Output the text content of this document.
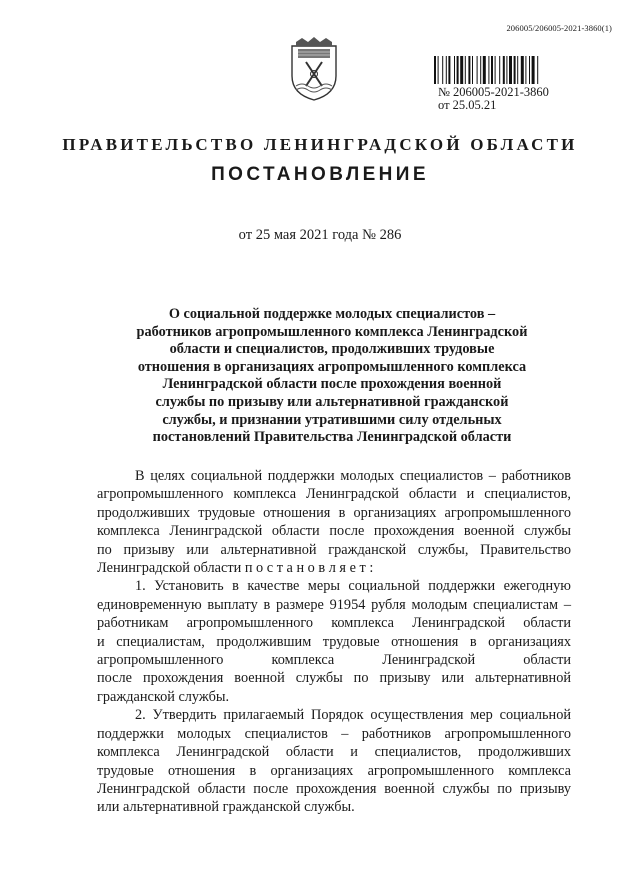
206005/206005-2021-3860(1)
№ 206005-2021-3860
от 25.05.21
ПРАВИТЕЛЬСТВО ЛЕНИНГРАДСКОЙ ОБЛАСТИ
ПОСТАНОВЛЕНИЕ
от 25 мая 2021 года № 286
О социальной поддержке молодых специалистов –
работников агропромышленного комплекса Ленинградской
области и специалистов, продолживших трудовые
отношения в организациях агропромышленного комплекса
Ленинградской области после прохождения военной
службы по призыву или альтернативной гражданской
службы, и признании утратившими силу отдельных
постановлений Правительства Ленинградской области
В целях социальной поддержки молодых специалистов – работников
агропромышленного комплекса Ленинградской области и специалистов,
продолживших трудовые отношения в организациях агропромышленного
комплекса Ленинградской области после прохождения военной службы
по призыву или альтернативной гражданской службы, Правительство
Ленинградской области п о с т а н о в л я е т :
1. Установить в качестве меры социальной поддержки ежегодную
единовременную выплату в размере 91954 рубля молодым специалистам –
работникам агропромышленного комплекса Ленинградской области
и специалистам, продолжившим трудовые отношения в организациях
агропромышленного комплекса Ленинградской области
после прохождения военной службы по призыву или альтернативной
гражданской службы.
2. Утвердить прилагаемый Порядок осуществления мер социальной
поддержки молодых специалистов – работников агропромышленного
комплекса Ленинградской области и специалистов, продолживших
трудовые отношения в организациях агропромышленного комплекса
Ленинградской области после прохождения военной службы по призыву
или альтернативной гражданской службы.
